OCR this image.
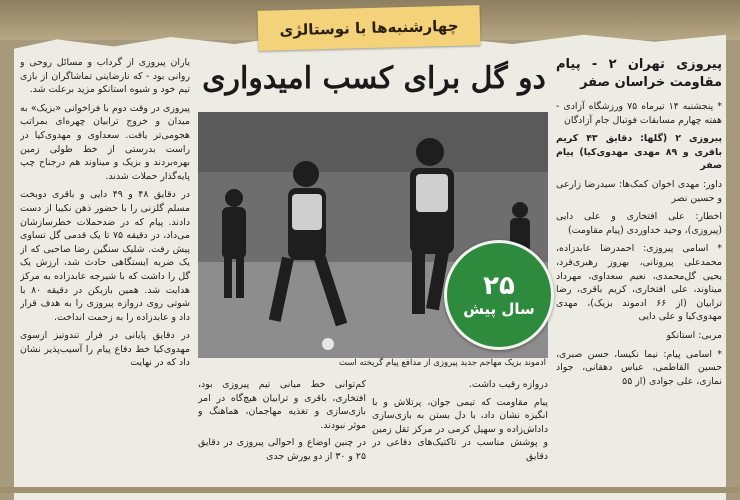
چهارشنبه‌ها با نوستالژی
دو گل برای کسب امیدواری پیروزی تهران ۲ - پیام مقاومت خراسان صفر

* پنجشنبه ۱۴ تیرماه ۷۵ ورزشگاه آزادی - هفته چهارم مسابقات فوتبال جام آزادگان

پیروزی ۲ (گلها: دقایق ۴۳ کریم باقری و ۸۹ مهدی مهدوی‌کیا) پیام صفر

داور: مهدی اخوان کمک‌ها: سیدرضا زارعی و حسین نصر

اخطار: علی افتخاری و علی دایی (پیروزی)، وحید خداوردی (پیام مقاومت)

* اسامی پیروزی: احمدرضا عابدزاده، محمدعلی پیرونانی، بهروز رهبری‌فرد، یحیی گل‌محمدی، نعیم سعداوی، مهرداد میناوند، علی افتخاری، کریم باقری، رضا ترابیان (از ۶۶ ادموند بزیک)، مهدی مهدوی‌کیا و علی دایی

مربی: استانکو

* اسامی پیام: نیما نکیسا، حسن صبری، حسین القاطمی، عباس دهقانی، جواد نمازی، علی جوادی (از ۵۵

یاران پیروزی از گرداب و مسائل روحی و روانی بود - که نارضایتی تماشاگران از بازی تیم خود و شیوه استانکو مزید برعلت شد.

پیروزی در وقت دوم با فراخوانی «بزیک» به میدان و خروج ترابیان چهره‌ای بمراتب هجومی‌تر یافت. سعداوی و مهدوی‌کیا در راست بدرستی از خط طولی زمین بهره‌بردند و بزیک و میناوند هم درجناح چپ پایه‌گذار حملات شدند.

در دقایق ۴۸ و ۴۹ دایی و باقری دوبخت مسلم گلزنی را با حضور ذهن نکیبا از دست دادند. پیام که در ضدحملات خطرسازشان می‌داد، در دقیقه ۷۵ تا یک قدمی گل تساوی پیش رفت. شلیک سنگین رضا صاحبی که از یک ضربه ایستگاهی حادث شد، ارزش یک گل را داشت که با شیرجه عابدزاده به مرکز هدایت شد. همین بازیکن در دقیقه ۸۰ با شوتی روی دروازه پیروزی را به هدف قرار داد و عابدزاده را به زحمت انداخت.

در دقایق پایانی در فرار تندوتیز ازسوی مهدوی‌کیا خط دفاع پیام را آسیب‌پذیر نشان داد که در نهایت	ادموند بزیک مهاجم جدید پیروزی از مدافع پیام گریخته است
۲۵
سال پیش

دروازه رقیب داشت.

پیام مقاومت که تیمی جوان، پرتلاش و با انگیزه نشان داد، با دل بستن به بازی‌سازی داداش‌زاده و سهیل کرمی در مرکز ثقل زمین و پوشش مناسب در تاکتیک‌های دفاعی در دقایق

کم‌توانی خط میانی تیم پیروزی بود، افتخاری، باقری و ترابیان هیچ‌گاه در امر بازی‌سازی و تغذیه مهاجمان، هماهنگ و موثر نبودند.

در چنین اوضاع و احوالی پیروزی در دقایق ۲۵ و ۳۰ از دو یورش جدی
